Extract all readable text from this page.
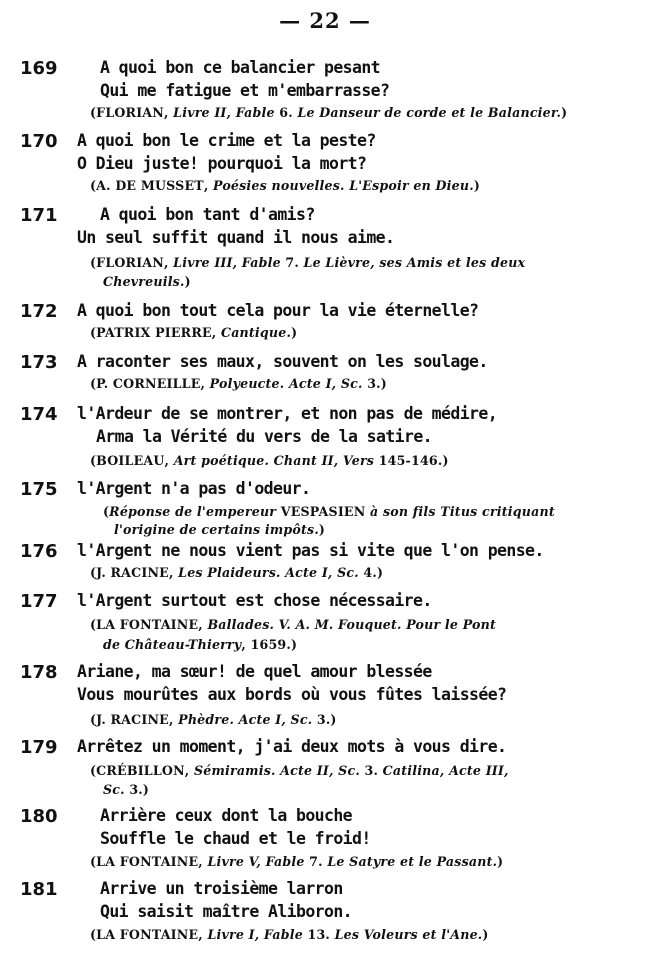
— 22 —
169	A quoi bon ce balancier pesant
Qui me fatigue et m'embarrasse?
(FLORIAN, Livre II, Fable 6. Le Danseur de corde et le Balancier.)
170 A quoi bon le crime et la peste?
O Dieu juste! pourquoi la mort?
(A. DE MUSSET, Poésies nouvelles. L'Espoir en Dieu.)
171	A quoi bon tant d'amis?
Un seul suffit quand il nous aime.
(FLORIAN, Livre III, Fable 7. Le Lièvre, ses Amis et les deux
Chevreuils.)
172 A quoi bon tout cela pour la vie éternelle?
(PATRIX PIERRE, Cantique.)
173 A raconter ses maux, souvent on les soulage.
(P. CORNEILLE, Polyeucte. Acte I, Sc. 3.)
174 l'Ardeur de se montrer, et non pas de médire,
Arma la Vérité du vers de la satire.
(BOILEAU, Art poétique. Chant II, Vers 145-146.)
175 l'Argent n'a pas d'odeur.
(Réponse de l'empereur VESPASIEN à son fils Titus critiquant
l'origine de certains impôts.)
176 l'Argent ne nous vient pas si vite que l'on pense.
(J. RACINE, Les Plaideurs. Acte I, Sc. 4.)
177 l'Argent surtout est chose nécessaire.
(LA FONTAINE, Ballades. V. A. M. Fouquet. Pour le Pont
de Château-Thierry, 1659.)
178 Ariane, ma sœur! de quel amour blessée
Vous mourûtes aux bords où vous fûtes laissée?
(J. RACINE, Phèdre. Acte I, Sc. 3.)
179 Arrêtez un moment, j'ai deux mots à vous dire.
(CRÉBILLON, Sémiramis. Acte II, Sc. 3. Catilina, Acte III,
Sc. 3.)
180	Arrière ceux dont la bouche
Souffle le chaud et le froid!
(LA FONTAINE, Livre V, Fable 7. Le Satyre et le Passant.)
181	Arrive un troisième larron
Qui saisit maître Aliboron.
(LA FONTAINE, Livre I, Fable 13. Les Voleurs et l'Ane.)
